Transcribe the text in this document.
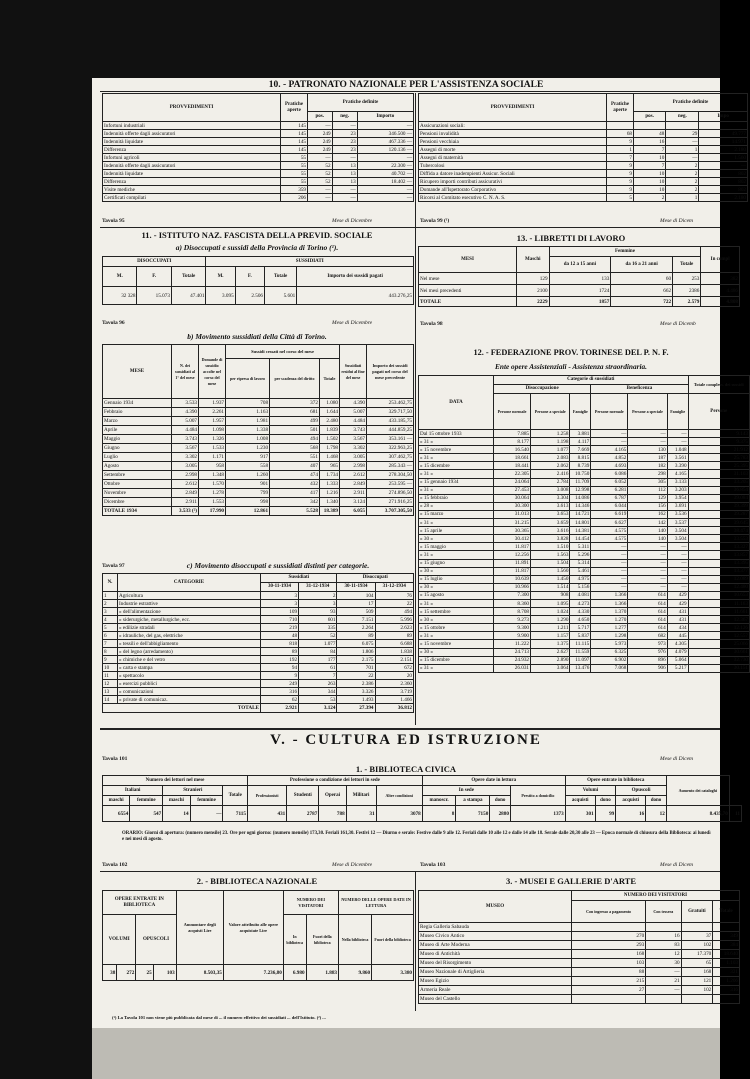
10. - PATRONATO NAZIONALE PER L'ASSISTENZA SOCIALE
PROVVEDIMENTI	Pratiche aperte	Pratiche definite		
		pos.	neg.	Importo
Infortuni industriali	145	—	—	—
Indennità offerte dagli assicuratori	145	249	23	346.500 —
Indennità liquidate	145	249	23	467.336 —
Differenza	145	249	23	120.136 —
Infortuni agricoli	55	—	—	—
Indennità offerte dagli assicuratori	55	52	13	22.300 —
Indennità liquidate	55	52	13	40.702 —
Differenza	55	52	13	18.402 —
Visite mediche	359	—	—	—
Certificati compilati	206	—	—	—
Tavola 95	Mese di Dicembre
PROVVEDIMENTI	Pratiche aperte	Pratiche definite		
		pos.	neg.	Impo
Assicurazioni sociali:				
Pensioni invalidità	68	48	29	49.777
Pensioni vecchiaia	9	16	—	14.971
Assegni di morte	1	7	1	2.180
Assegni di maternità	7	10	—	1.560
Tubercolosi	9	7	2	—
Diffida a datore inadempienti Assicur. Sociali	9	10	2	802
Ricupero importi contributi assicurativi	9	10	2	802
Domande all'Ispettorato Corporativo	9	10	2	802
Ricorsi al Comitato esecutivo C. N. A. S.	5	2	1	2.180
Tavola 99 (¹)	Mese di Dicem
11. - ISTITUTO NAZ. FASCISTA DELLA PREVID. SOCIALE
a) Disoccupati e sussidi della Provincia di Torino (¹).
DISOCCUPATI			SUSSIDIATI			
M.	F.	Totale	M.	F.	Totale	Importo dei sussidi pagati
32 328	15.073	47.401	3.095	2.506	5.601	443.276,25
Tavola 96	Mese di Dicembre
b) Movimento sussidiati della Città di Torino.
MESE	N. dei sussidiati al 1° del mese	Domande di sussidio accolte nel corso del mese	Sussidi cessati nel corso del mese			Sussidiati residui al fine del mese	Importo dei sussidi pagati nel corso del mese precedente
			per ripresa di lavoro	per scadenza del diritto	Totale		
Gennaio 1934	3.533	1.937	708	372	1.080	4.390	253.462,75
Febbraio	4.390	2.261	1.163	681	1.644	5.007	329.717,50
Marzo	5.007	1.957	1.981	499	2.480	4.484	433.185,75
Aprile	4.484	1.098	1.338	501	1.839	3.743	444.859,25
Maggio	3.743	1.326	1.008	494	1.502	3.567	353.161 —
Giugno	3.567	1.533	1.230	568	1.798	3.302	322.963,25
Luglio	3.302	1.171	917	551	1.468	3.005	307.462,75
Agosto	3.005	958	558	407	965	2.998	285.343 —
Settembre	2.998	1.348	1.260	474	1.734	2.612	278.304,50
Ottobre	2.612	1.570	901	432	1.333	2.849	253.595 —
Novembre	2.849	1.278	799	417	1.216	2.911	274.896,50
Dicembre	2.911	1.553	998	342	1.340	3.124	271.916,25
TOTALE 1934	3.533 (²)	17.990	12.861	5.528	18.389	6.055	3.707.305,50
Tavola 97	c) Movimento disoccupati e sussidiati distinti per categorie.
N.	CATEGORIE	Sussidiati		Disoccupati	
		30-11-1934	31-12-1934	30-11-1934	31-12-1934
1	Agricoltura	3	2	104	76
2	Industrie estrattive	3	3	17	22
3	» dell'alimentazione	109	93	509	494
4	» siderurgiche, metallurgiche, ecc.	710	601	7.151	5.996
5	» edilizie stradali	219	335	2.264	2.623
6	» idrauliche, del gas, elettriche	48	52	89	89
7	» tessili e dell'abbigliamento	818	1.077	6.075	6.688
8	» del legno (arredamento)	89	84	1.806	1.838
9	» chimiche e del vetro	192	177	2.175	2.151
10	» carta e stampa	94	61	701	672
11	» spettacolo	9	7	22	20
12	» esercizi pubblici	249	263	2.386	2.360
13	» comunicazioni	316	344	3.326	3.719
14	» private di comunicaz.	62	53	1.493	1.466
TOTALE		2.921	3.124	27.394	36.812
13. - LIBRETTI DI LAVORO
MESI	Maschi	Femmine			In compl
		da 12 a 15 anni	da 16 a 21 anni	Totale	
Nel mese	129	133	60	253	382
Nei mesi precedenti	2100	1724	662	2386	4.486
TOTALE	2229	1857	722	2.579	4.808
Tavola 98	Mese di Dicemb
12. - FEDERAZIONE PROV. TORINESE DEL P. N. F.
Ente opere Assistenziali - Assistenza straordinaria.
DATA	Categorie di sussidiati						Totale compless. dei sussidi
	Disoccupazione			Beneficenza			
	Persone normale	Persone a speciale	Famiglie	Persone normale	Persone a speciale	Famiglie	Persone
Dal 15 ottobre 1933	7.885	1.258	3.881	—	—	—	9.143
» 31 »	8.177	1.198	4.117	—	—	—	9.375
» 15 novembre	16.540	1.077	7.669	4.165	130	1.048	21.912
» 31 »	18.661	2.083	8.815	4.852	187	3.561	25.783
» 15 dicembre	18.441	2.062	8.739	4.693	182	3.390	25.395
» 31 »	22.305	2.416	10.750	6.086	298	4.165	31.103
» 15 gennaio 1934	24.064	2.784	11.709	6.052	305	3.133	33.205
» 31 »	27.453	3.008	12.998	6.281	112	3.203	36.854
» 15 febbraio	30.064	3.304	14.086	6.787	129	3.954	39.084
» 28 »	30.300	3.613	14.346	6.044	156	3.691	39.399
» 15 marzo	31.013	3.653	14.721	6.619	162	3.536	39.287
» 31 »	31.215	3.659	14.801	6.627	142	3.537	39.645
» 15 aprile	30.365	3.616	14.381	4.575	140	3.504	38.474
» 30 »	30.412	3.828	14.454	4.575	140	3.504	33.553
» 15 maggio	11.817	1.510	5.311	—	—	—	13.327
» 31 »	12.256	1.563	5.296	—	—	—	13.857
» 15 giugno	11.891	1.504	5.314	—	—	—	13.395
» 30 »	11.817	1.560	5.461	—	—	—	13.377
» 15 luglio	10.639	1.450	4.975	—	—	—	12.089
» 30 »	10.966	1.514	5.156	—	—	—	12.480
» 15 agosto	7.300	908	4.081	1.366	614	429	10.653
» 31 »	8.360	1.095	4.273	1.366	614	429	11.163
» 15 settembre	8.708	1.024	4.330	1.370	614	431	11.661
» 30 »	9.273	1.290	4.650	1.270	614	431	12.367
» 15 ottobre	9.300	1.211	5.717	1.277	614	434	12.126
» 31 »	9.900	1.157	5.837	1.298	682	445	12.557
» 15 novembre	11.222	1.375	11.115	5.973	973	4.305	25.066
» 30 »	24.713	2.627	11.559	6.325	976	4.079	30.661
» 15 dicembre	24.932	2.890	11.097	6.902	896	5.064	32.730
» 31 »	26.031	3.064	13.476	7.068	906	5.217	30.151
V. - CULTURA ED ISTRUZIONE
Tavola 101	Mese di Dicem
1. - BIBLIOTECA CIVICA
Numero dei lettori nel mese					Professione o condizione dei lettori in sede					Opere date in lettura				Opere entrate in biblioteca				Aumento dei cataloghi	
Italiani		Stranieri		Totale	Professionisti	Studenti	Operai	Militari	Altre condizioni	In sede			Prestito a domicilio	Volumi		Opuscoli			
maschi	femmine	maschi	femmine							manoscr.	a stampa	dono		acquisti	dono	acquisti	dono		
6554	547	14	—	7115	431	2787	788	31	3078	8	7150	2880	1373	301	99	16	12	8.435,70	11
ORARIO: Giorni di apertura: (numero mensile) 23. Ore per ogni giorno: (numero mensile) 173,30. Feriali 161,30. Festivi 12 — Diurno e serale: Festive dalle 9 alle 12. Feriali dalle 10 alle 12 e dalle 14 alle 18. Serale dalle 20,30 alle 23 — Epoca normale di chiusura della Biblioteca: ai lunedì e nei mesi di agosto.
Tavola 102	Mese di Dicembre	Tavola 103	Mese di Dicem
2. - BIBLIOTECA NAZIONALE
OPERE ENTRATE IN BIBLIOTECA				Ammontare degli acquisti Lire	Valore attribuito alle opere acquistate Lire	NUMERO DEI VISITATORI		NUMERO DELLE OPERE DATE IN LETTURA	
VOLUMI		OPUSCOLI				In biblioteca	Fuori della biblioteca	Nella biblioteca	Fuori della biblioteca
38	272	25	103	8.503,35	7.236,80	6.980	1.883	9.860	3.380
3. - MUSEI E GALLERIE D'ARTE
MUSEO	NUMERO DEI VISITATORI			
	Con ingresso a pagamento	Con tessera	Gratuiti	Totale
Regia Galleria Sabauda				
Museo Civico Antico	270	16	37	349
Museo di Arte Moderna	293	83	102	384
Museo di Antichità	168	12	17.370	18.640
Museo del Risorgimento	103	30	65	1.103
Museo Nazionale di Artiglieria	88	—	168	321
Museo Egizio	215	21	121	1.206
Armeria Reale	27	—	102	316
Museo del Castello				
(¹) La Tavola 101 non viene più pubblicata dal mese di ... il numero effettivo dei sussidiati ... dell'Istituto. (²) ...
